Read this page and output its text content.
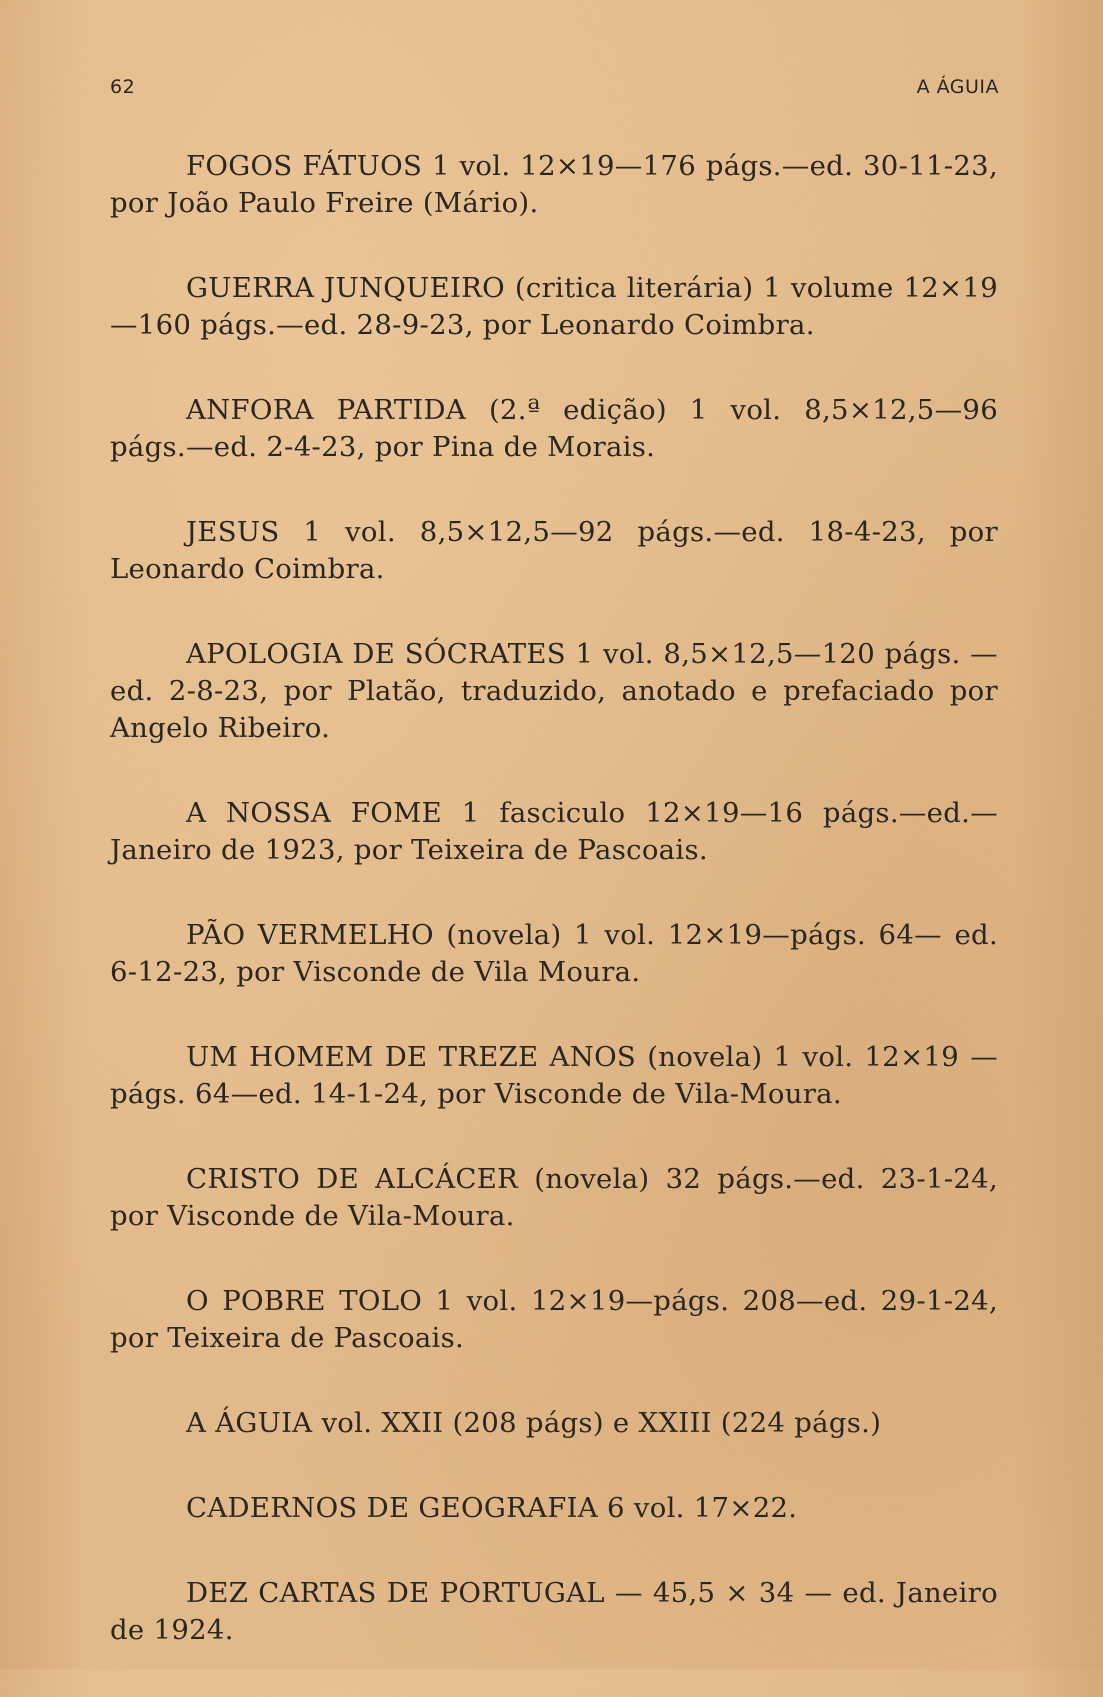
62	A ÁGUIA

FOGOS FÁTUOS 1 vol. 12×19—176 págs.—ed. 30-11-23, por João Paulo Freire (Mário).

GUERRA JUNQUEIRO (critica literária) 1 volume 12×19—160 págs.—ed. 28-9-23, por Leonardo Coimbra.

ANFORA PARTIDA (2.ª edição) 1 vol. 8,5×12,5—96 págs.—ed. 2-4-23, por Pina de Morais.

JESUS 1 vol. 8,5×12,5—92 págs.—ed. 18-4-23, por Leonardo Coimbra.

APOLOGIA DE SÓCRATES 1 vol. 8,5×12,5—120 págs. —ed. 2-8-23, por Platão, traduzido, anotado e prefaciado por Angelo Ribeiro.

A NOSSA FOME 1 fasciculo 12×19—16 págs.—ed.— Janeiro de 1923, por Teixeira de Pascoais.

PÃO VERMELHO (novela) 1 vol. 12×19—págs. 64— ed. 6-12-23, por Visconde de Vila Moura.

UM HOMEM DE TREZE ANOS (novela) 1 vol. 12×19 —págs. 64—ed. 14-1-24, por Visconde de Vila-Moura.

CRISTO DE ALCÁCER (novela) 32 págs.—ed. 23-1-24, por Visconde de Vila-Moura.

O POBRE TOLO 1 vol. 12×19—págs. 208—ed. 29-1-24, por Teixeira de Pascoais.

A ÁGUIA vol. XXII (208 págs) e XXIII (224 págs.)

CADERNOS DE GEOGRAFIA 6 vol. 17×22.

DEZ CARTAS DE PORTUGAL — 45,5 × 34 — ed. Janeiro de 1924.
